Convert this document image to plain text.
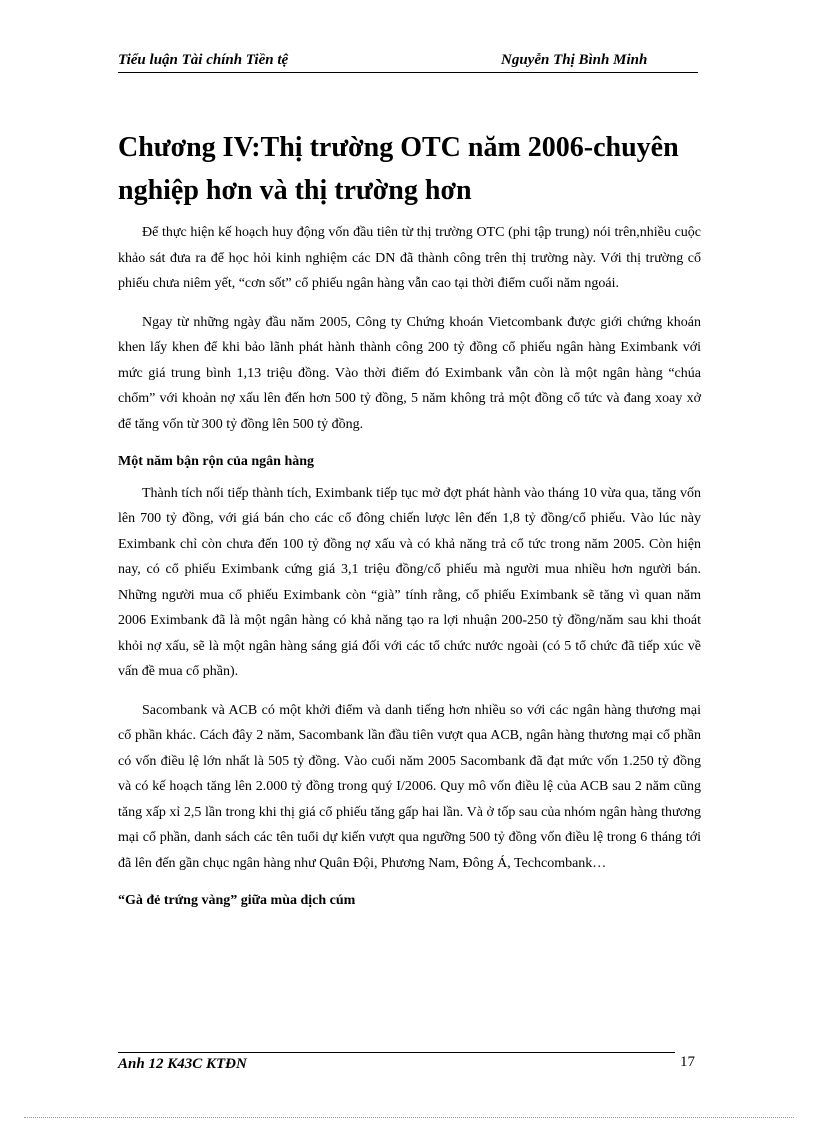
Tiểu luận Tài chính Tiền tệ	Nguyễn Thị Bình Minh
Chương IV:Thị trường OTC năm 2006-chuyên nghiệp hơn và thị trường hơn

Để thực hiện kế hoạch huy động vốn đầu tiên từ thị trường OTC (phi tập trung) nói trên,nhiều cuộc khảo sát đưa ra để học hỏi kinh nghiệm các DN đã thành công trên thị trường này. Với thị trường cổ phiếu chưa niêm yết, “cơn sốt” cổ phiếu ngân hàng vẫn cao tại thời điểm cuối năm ngoái.

Ngay từ những ngày đầu năm 2005, Công ty Chứng khoán Vietcombank được giới chứng khoán khen lấy khen để khi bảo lãnh phát hành thành công 200 tỷ đồng cổ phiếu ngân hàng Eximbank với mức giá trung bình 1,13 triệu đồng. Vào thời điểm đó Eximbank vẫn còn là một ngân hàng “chúa chổm” với khoản nợ xấu lên đến hơn 500 tỷ đồng, 5 năm không trả một đồng cổ tức và đang xoay xở để tăng vốn từ 300 tỷ đồng lên 500 tỷ đồng.

Một năm bận rộn của ngân hàng

Thành tích nối tiếp thành tích, Eximbank tiếp tục mở đợt phát hành vào tháng 10 vừa qua, tăng vốn lên 700 tỷ đồng, với giá bán cho các cổ đông chiến lược lên đến 1,8 tỷ đồng/cổ phiếu. Vào lúc này Eximbank chỉ còn chưa đến 100 tỷ đồng nợ xấu và có khả năng trả cổ tức trong năm 2005. Còn hiện nay, có cổ phiếu Eximbank cứng giá 3,1 triệu đồng/cổ phiếu mà người mua nhiều hơn người bán. Những người mua cổ phiếu Eximbank còn “già” tính rằng, cổ phiếu Eximbank sẽ tăng vì quan năm 2006 Eximbank đã là một ngân hàng có khả năng tạo ra lợi nhuận 200-250 tỷ đồng/năm sau khi thoát khỏi nợ xấu, sẽ là một ngân hàng sáng giá đối với các tổ chức nước ngoài (có 5 tổ chức đã tiếp xúc về vấn đề mua cổ phần).

Sacombank và ACB có một khởi điểm và danh tiếng hơn nhiều so với các ngân hàng thương mại cổ phần khác. Cách đây 2 năm, Sacombank lần đầu tiên vượt qua ACB, ngân hàng thương mại cổ phần có vốn điều lệ lớn nhất là 505 tỷ đồng. Vào cuối năm 2005 Sacombank đã đạt mức vốn 1.250 tỷ đồng và có kế hoạch tăng lên 2.000 tỷ đồng trong quý I/2006. Quy mô vốn điều lệ của ACB sau 2 năm cũng tăng xấp xỉ 2,5 lần trong khi thị giá cổ phiếu tăng gấp hai lần. Và ở tốp sau của nhóm ngân hàng thương mại cổ phần, danh sách các tên tuổi dự kiến vượt qua ngưỡng 500 tỷ đồng vốn điều lệ trong 6 tháng tới đã lên đến gần chục ngân hàng như Quân Đội, Phương Nam, Đông Á, Techcombank…

“Gà đẻ trứng vàng” giữa mùa dịch cúm
Anh 12 K43C KTĐN	17
